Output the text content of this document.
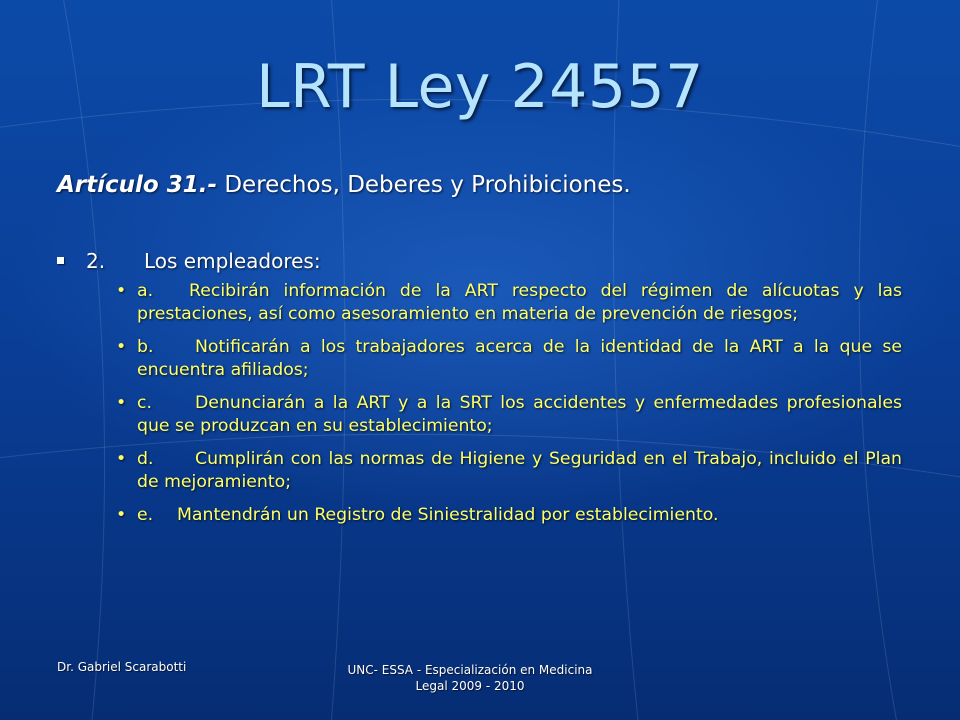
LRT Ley 24557
Artículo 31.- Derechos, Deberes y Prohibiciones.
2. Los empleadores:
• a. Recibirán información de la ART respecto del régimen de alícuotas y las prestaciones, así como asesoramiento en materia de prevención de riesgos;
• b. Notificarán a los trabajadores acerca de la identidad de la ART a la que se encuentra afiliados;
• c. Denunciarán a la ART y a la SRT los accidentes y enfermedades profesionales que se produzcan en su establecimiento;
• d. Cumplirán con las normas de Higiene y Seguridad en el Trabajo, incluido el Plan de mejoramiento;
• e. Mantendrán un Registro de Siniestralidad por establecimiento.
Dr. Gabriel Scarabotti	UNC- ESSA - Especialización en Medicina
Legal 2009 - 2010
